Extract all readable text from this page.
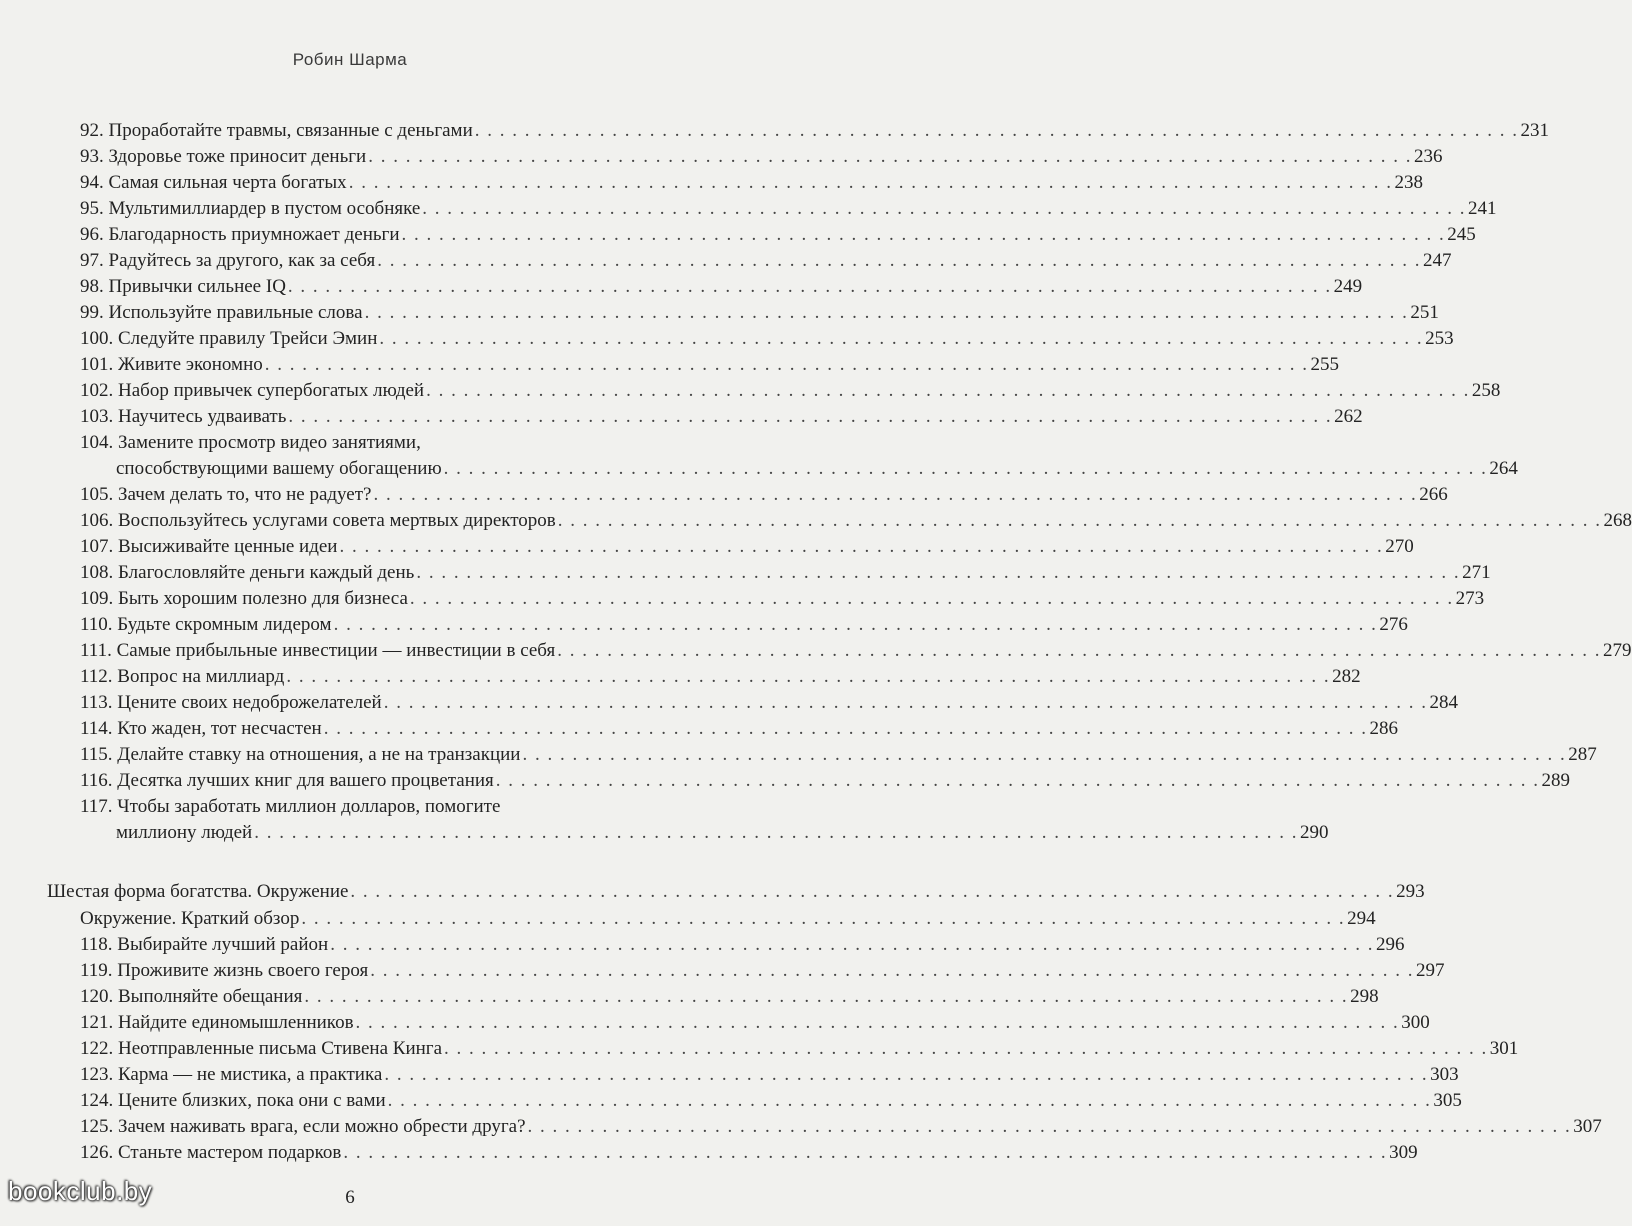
Робин Шарма
92. Проработайте травмы, связанные с деньгами . . . . . . . . . . . . . . . . . . . . . . . . . . . . . . . . . . . . . . . . . . . . . . . . . . . . . . . . . . . . . . . . . . . . . . . . . . . . . . . . . . . . 231
93. Здоровье тоже приносит деньги . . . . . . . . . . . . . . . . . . . . . . . . . . . . . . . . . . . . . . . . . . . . . . . . . . . . . . . . . . . . . . . . . . . . . . . . . . . . . . . . . . . . 236
94. Самая сильная черта богатых . . . . . . . . . . . . . . . . . . . . . . . . . . . . . . . . . . . . . . . . . . . . . . . . . . . . . . . . . . . . . . . . . . . . . . . . . . . . . . . . . . . . 238
95. Мультимиллиардер в пустом особняке . . . . . . . . . . . . . . . . . . . . . . . . . . . . . . . . . . . . . . . . . . . . . . . . . . . . . . . . . . . . . . . . . . . . . . . . . . . . . . . . . . . . 241
96. Благодарность приумножает деньги . . . . . . . . . . . . . . . . . . . . . . . . . . . . . . . . . . . . . . . . . . . . . . . . . . . . . . . . . . . . . . . . . . . . . . . . . . . . . . . . . . . . 245
97. Радуйтесь за другого, как за себя . . . . . . . . . . . . . . . . . . . . . . . . . . . . . . . . . . . . . . . . . . . . . . . . . . . . . . . . . . . . . . . . . . . . . . . . . . . . . . . . . . . . 247
98. Привычки сильнее IQ . . . . . . . . . . . . . . . . . . . . . . . . . . . . . . . . . . . . . . . . . . . . . . . . . . . . . . . . . . . . . . . . . . . . . . . . . . . . . . . . . . . . 249
99. Используйте правильные слова . . . . . . . . . . . . . . . . . . . . . . . . . . . . . . . . . . . . . . . . . . . . . . . . . . . . . . . . . . . . . . . . . . . . . . . . . . . . . . . . . . . . 251
100. Следуйте правилу Трейси Эмин . . . . . . . . . . . . . . . . . . . . . . . . . . . . . . . . . . . . . . . . . . . . . . . . . . . . . . . . . . . . . . . . . . . . . . . . . . . . . . . . . . . . 253
101. Живите экономно . . . . . . . . . . . . . . . . . . . . . . . . . . . . . . . . . . . . . . . . . . . . . . . . . . . . . . . . . . . . . . . . . . . . . . . . . . . . . . . . . . . . 255
102. Набор привычек супербогатых людей . . . . . . . . . . . . . . . . . . . . . . . . . . . . . . . . . . . . . . . . . . . . . . . . . . . . . . . . . . . . . . . . . . . . . . . . . . . . . . . . . . . . 258
103. Научитесь удваивать . . . . . . . . . . . . . . . . . . . . . . . . . . . . . . . . . . . . . . . . . . . . . . . . . . . . . . . . . . . . . . . . . . . . . . . . . . . . . . . . . . . . 262
104. Замените просмотр видео занятиями,
способствующими вашему обогащению . . . . . . . . . . . . . . . . . . . . . . . . . . . . . . . . . . . . . . . . . . . . . . . . . . . . . . . . . . . . . . . . . . . . . . . . . . . . . . . . . . . . 264
105. Зачем делать то, что не радует? . . . . . . . . . . . . . . . . . . . . . . . . . . . . . . . . . . . . . . . . . . . . . . . . . . . . . . . . . . . . . . . . . . . . . . . . . . . . . . . . . . . . 266
106. Воспользуйтесь услугами совета мертвых директоров . . . . . . . . . . . . . . . . . . . . . . . . . . . . . . . . . . . . . . . . . . . . . . . . . . . . . . . . . . . . . . . . . . . . . . . . . . . . . . . . . . . . 268
107. Высиживайте ценные идеи . . . . . . . . . . . . . . . . . . . . . . . . . . . . . . . . . . . . . . . . . . . . . . . . . . . . . . . . . . . . . . . . . . . . . . . . . . . . . . . . . . . . 270
108. Благословляйте деньги каждый день . . . . . . . . . . . . . . . . . . . . . . . . . . . . . . . . . . . . . . . . . . . . . . . . . . . . . . . . . . . . . . . . . . . . . . . . . . . . . . . . . . . . 271
109. Быть хорошим полезно для бизнеса . . . . . . . . . . . . . . . . . . . . . . . . . . . . . . . . . . . . . . . . . . . . . . . . . . . . . . . . . . . . . . . . . . . . . . . . . . . . . . . . . . . . 273
110. Будьте скромным лидером . . . . . . . . . . . . . . . . . . . . . . . . . . . . . . . . . . . . . . . . . . . . . . . . . . . . . . . . . . . . . . . . . . . . . . . . . . . . . . . . . . . . 276
111. Самые прибыльные инвестиции — инвестиции в себя . . . . . . . . . . . . . . . . . . . . . . . . . . . . . . . . . . . . . . . . . . . . . . . . . . . . . . . . . . . . . . . . . . . . . . . . . . . . . . . . . . . . 279
112. Вопрос на миллиард . . . . . . . . . . . . . . . . . . . . . . . . . . . . . . . . . . . . . . . . . . . . . . . . . . . . . . . . . . . . . . . . . . . . . . . . . . . . . . . . . . . . 282
113. Цените своих недоброжелателей . . . . . . . . . . . . . . . . . . . . . . . . . . . . . . . . . . . . . . . . . . . . . . . . . . . . . . . . . . . . . . . . . . . . . . . . . . . . . . . . . . . . 284
114. Кто жаден, тот несчастен . . . . . . . . . . . . . . . . . . . . . . . . . . . . . . . . . . . . . . . . . . . . . . . . . . . . . . . . . . . . . . . . . . . . . . . . . . . . . . . . . . . . 286
115. Делайте ставку на отношения, а не на транзакции . . . . . . . . . . . . . . . . . . . . . . . . . . . . . . . . . . . . . . . . . . . . . . . . . . . . . . . . . . . . . . . . . . . . . . . . . . . . . . . . . . . . 287
116. Десятка лучших книг для вашего процветания . . . . . . . . . . . . . . . . . . . . . . . . . . . . . . . . . . . . . . . . . . . . . . . . . . . . . . . . . . . . . . . . . . . . . . . . . . . . . . . . . . . . 289
117. Чтобы заработать миллион долларов, помогите
миллиону людей . . . . . . . . . . . . . . . . . . . . . . . . . . . . . . . . . . . . . . . . . . . . . . . . . . . . . . . . . . . . . . . . . . . . . . . . . . . . . . . . . . . . 290
Шестая форма богатства. Окружение . . . . . . . . . . . . . . . . . . . . . . . . . . . . . . . . . . . . . . . . . . . . . . . . . . . . . . . . . . . . . . . . . . . . . . . . . . . . . . . . . . . . 293
Окружение. Краткий обзор . . . . . . . . . . . . . . . . . . . . . . . . . . . . . . . . . . . . . . . . . . . . . . . . . . . . . . . . . . . . . . . . . . . . . . . . . . . . . . . . . . . . 294
118. Выбирайте лучший район . . . . . . . . . . . . . . . . . . . . . . . . . . . . . . . . . . . . . . . . . . . . . . . . . . . . . . . . . . . . . . . . . . . . . . . . . . . . . . . . . . . . 296
119. Проживите жизнь своего героя . . . . . . . . . . . . . . . . . . . . . . . . . . . . . . . . . . . . . . . . . . . . . . . . . . . . . . . . . . . . . . . . . . . . . . . . . . . . . . . . . . . . 297
120. Выполняйте обещания . . . . . . . . . . . . . . . . . . . . . . . . . . . . . . . . . . . . . . . . . . . . . . . . . . . . . . . . . . . . . . . . . . . . . . . . . . . . . . . . . . . . 298
121. Найдите единомышленников . . . . . . . . . . . . . . . . . . . . . . . . . . . . . . . . . . . . . . . . . . . . . . . . . . . . . . . . . . . . . . . . . . . . . . . . . . . . . . . . . . . . 300
122. Неотправленные письма Стивена Кинга . . . . . . . . . . . . . . . . . . . . . . . . . . . . . . . . . . . . . . . . . . . . . . . . . . . . . . . . . . . . . . . . . . . . . . . . . . . . . . . . . . . . 301
123. Карма — не мистика, а практика . . . . . . . . . . . . . . . . . . . . . . . . . . . . . . . . . . . . . . . . . . . . . . . . . . . . . . . . . . . . . . . . . . . . . . . . . . . . . . . . . . . . 303
124. Цените близких, пока они с вами . . . . . . . . . . . . . . . . . . . . . . . . . . . . . . . . . . . . . . . . . . . . . . . . . . . . . . . . . . . . . . . . . . . . . . . . . . . . . . . . . . . . 305
125. Зачем наживать врага, если можно обрести друга? . . . . . . . . . . . . . . . . . . . . . . . . . . . . . . . . . . . . . . . . . . . . . . . . . . . . . . . . . . . . . . . . . . . . . . . . . . . . . . . . . . . . 307
126. Станьте мастером подарков . . . . . . . . . . . . . . . . . . . . . . . . . . . . . . . . . . . . . . . . . . . . . . . . . . . . . . . . . . . . . . . . . . . . . . . . . . . . . . . . . . . . 309
bookclub.by	6
